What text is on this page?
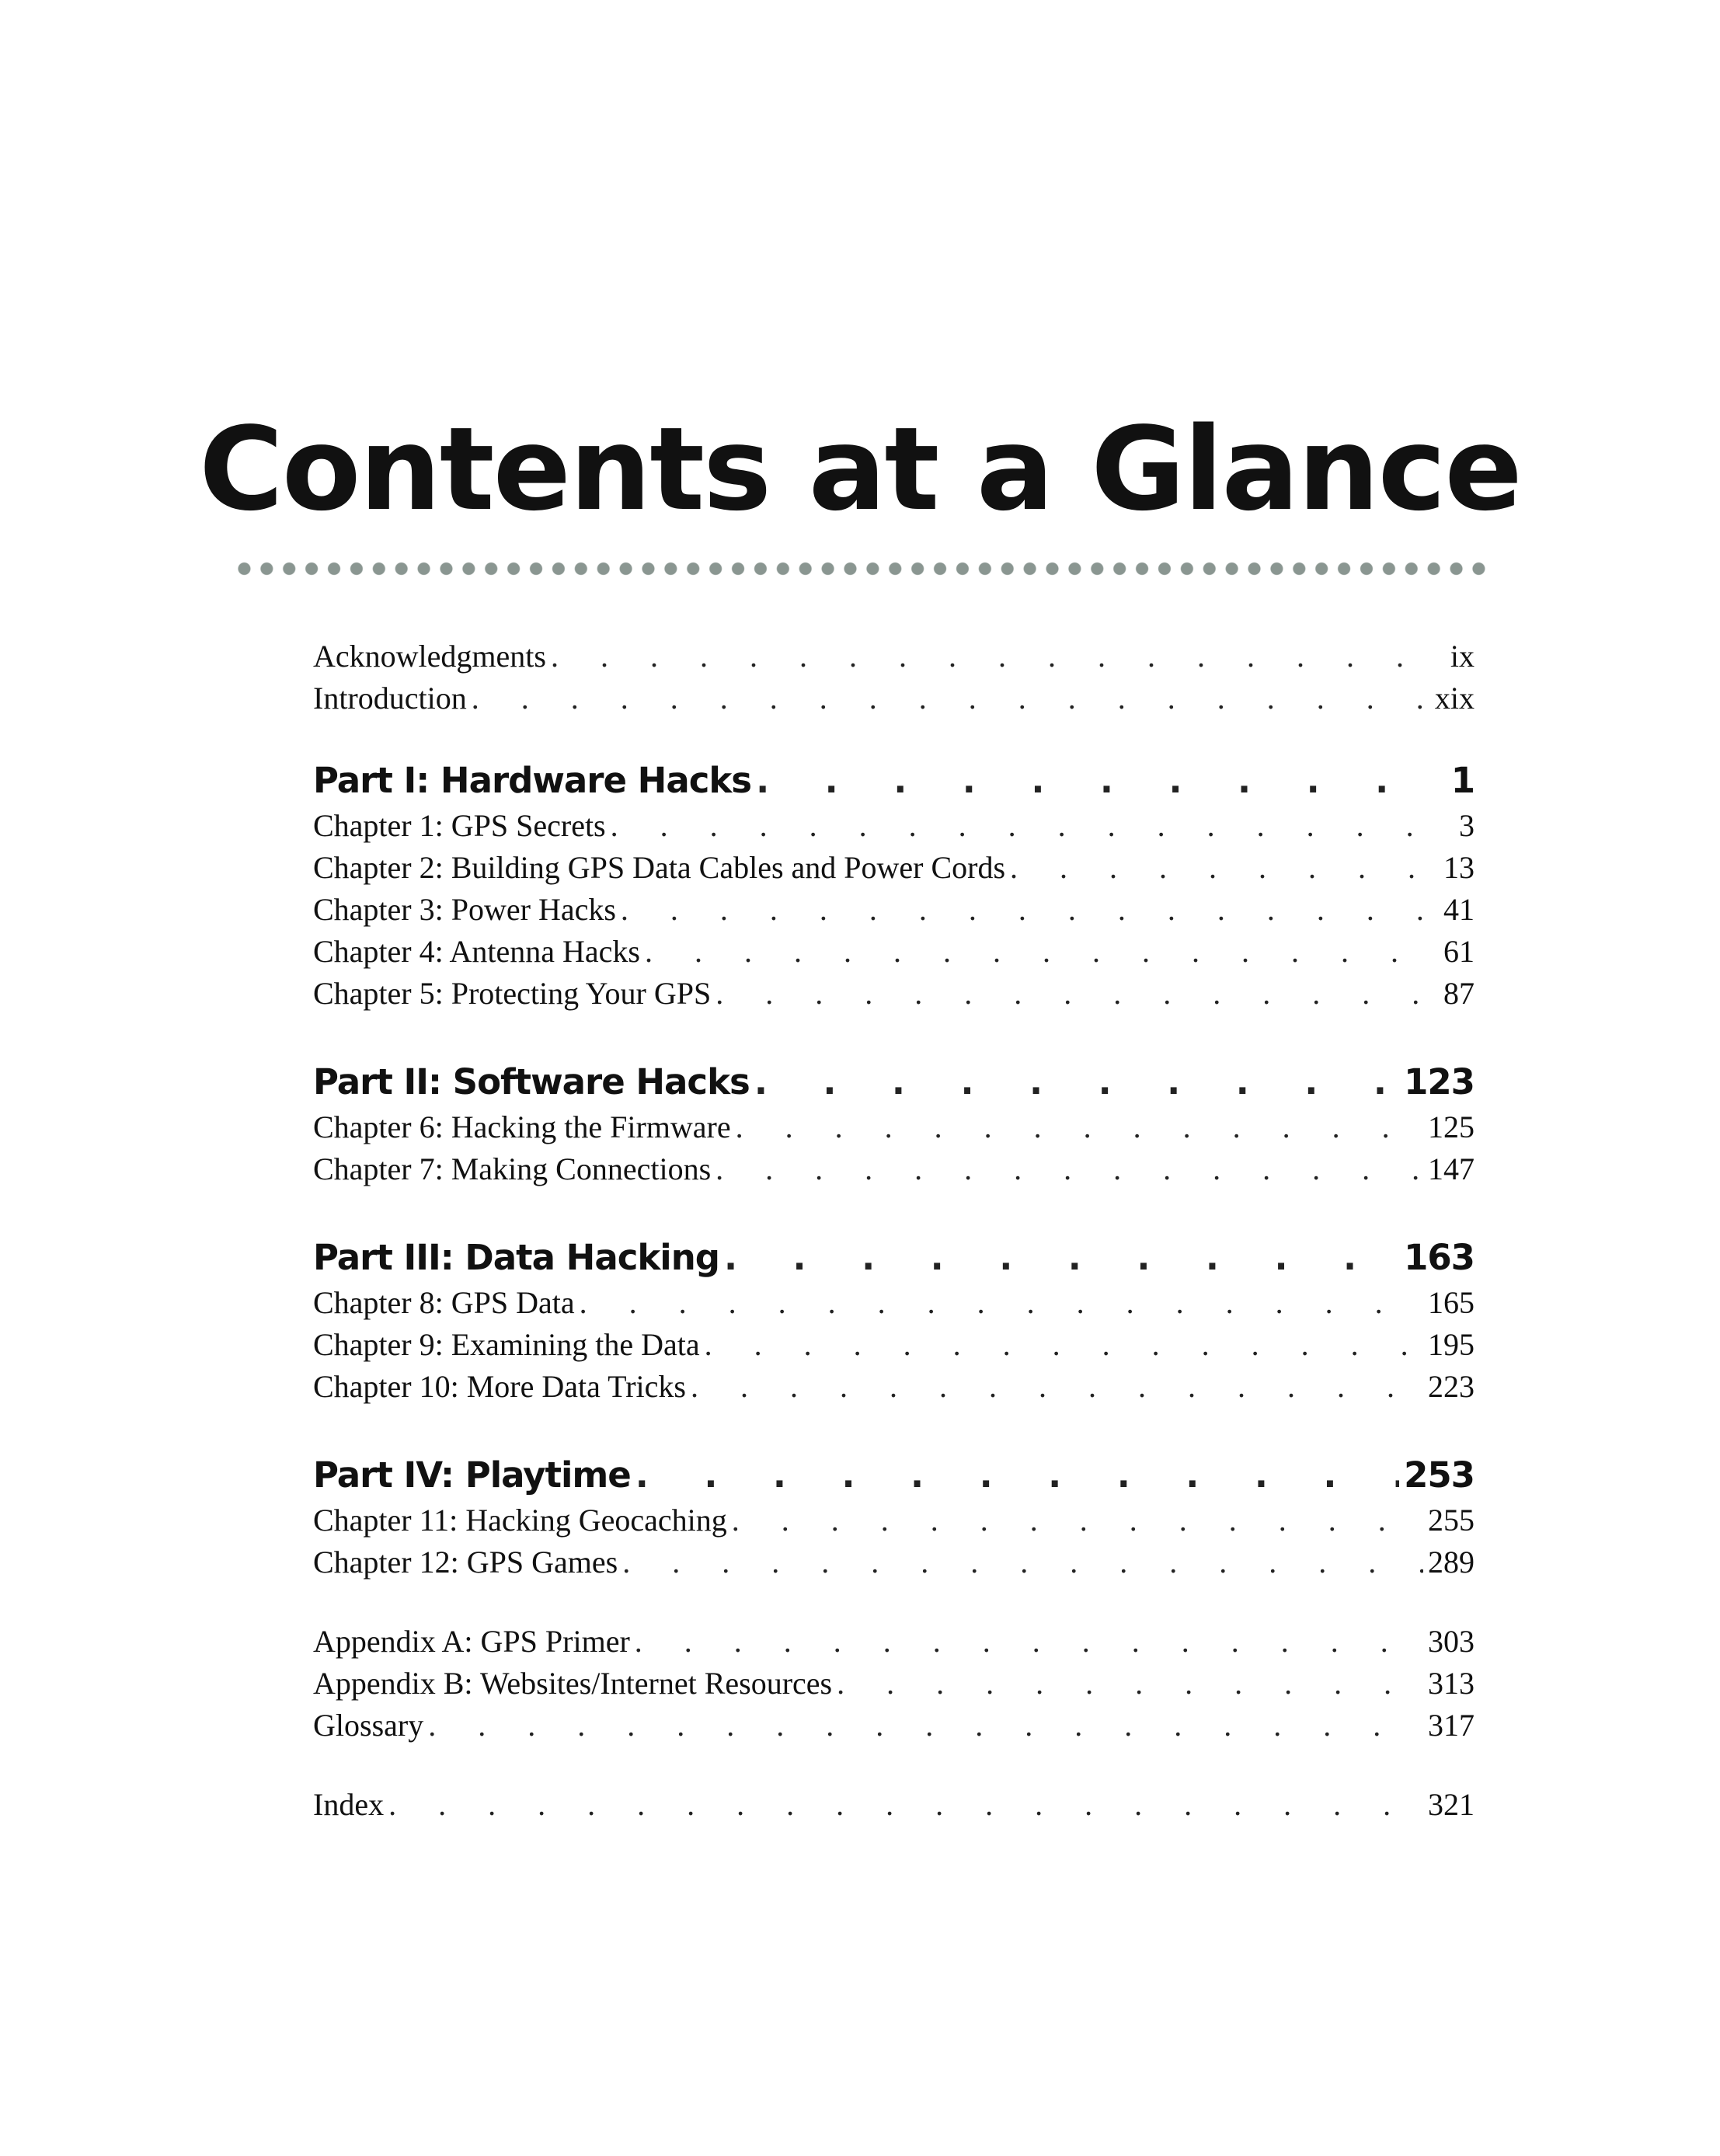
Contents at a Glance
Acknowledgments . . .	ix
Introduction . . .	xix
Part I: Hardware Hacks . . .	1
Chapter 1: GPS Secrets . . .	3
Chapter 2: Building GPS Data Cables and Power Cords . . .	13
Chapter 3: Power Hacks . . .	41
Chapter 4: Antenna Hacks . . .	61
Chapter 5: Protecting Your GPS . . .	87
Part II: Software Hacks . . .	123
Chapter 6: Hacking the Firmware . . .	125
Chapter 7: Making Connections . . .	147
Part III: Data Hacking . . .	163
Chapter 8: GPS Data . . .	165
Chapter 9: Examining the Data . . .	195
Chapter 10: More Data Tricks . . .	223
Part IV: Playtime . . .	253
Chapter 11: Hacking Geocaching . . .	255
Chapter 12: GPS Games . . .	289
Appendix A: GPS Primer . . .	303
Appendix B: Websites/Internet Resources . . .	313
Glossary . . .	317
Index . . .	321
